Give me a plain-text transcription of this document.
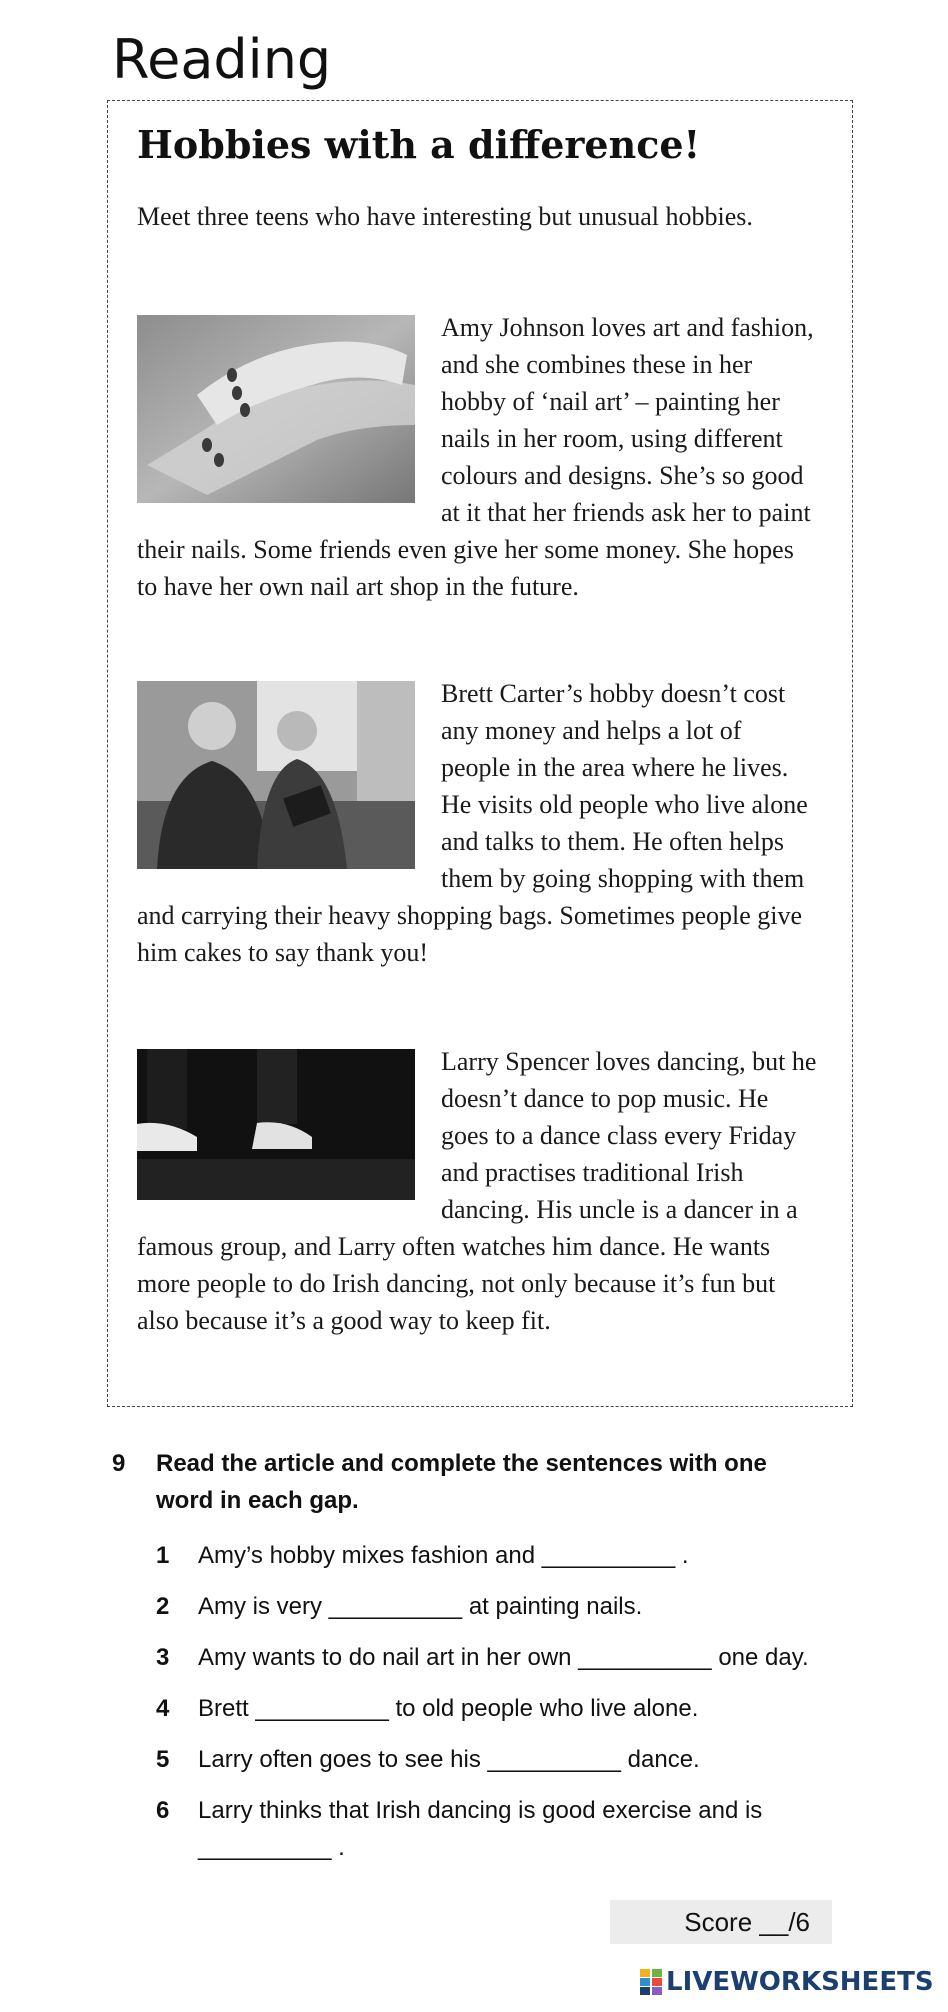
Reading
Hobbies with a difference!

Meet three teens who have interesting but unusual hobbies.

Amy Johnson loves art and fashion, and she combines these in her hobby of ‘nail art’ – painting her nails in her room, using different colours and designs. She’s so good at it that her friends ask her to paint their nails. Some friends even give her some money. She hopes to have her own nail art shop in the future.
Brett Carter’s hobby doesn’t cost any money and helps a lot of people in the area where he lives. He visits old people who live alone and talks to them. He often helps them by going shopping with them and carrying their heavy shopping bags. Sometimes people give him cakes to say thank you!
Larry Spencer loves dancing, but he doesn’t dance to pop music. He goes to a dance class every Friday and practises traditional Irish dancing. His uncle is a dancer in a famous group, and Larry often watches him dance. He wants more people to do Irish dancing, not only because it’s fun but also because it’s a good way to keep fit.
9 Read the article and complete the sentences with one word in each gap.

1	Amy’s hobby mixes fashion and __________ .
2	Amy is very __________ at painting nails.
3	Amy wants to do nail art in her own __________ one day.
4	Brett __________ to old people who live alone.
5	Larry often goes to see his __________ dance.
6	Larry thinks that Irish dancing is good exercise and is __________ .
Score __/6
LIVEWORKSHEETS
